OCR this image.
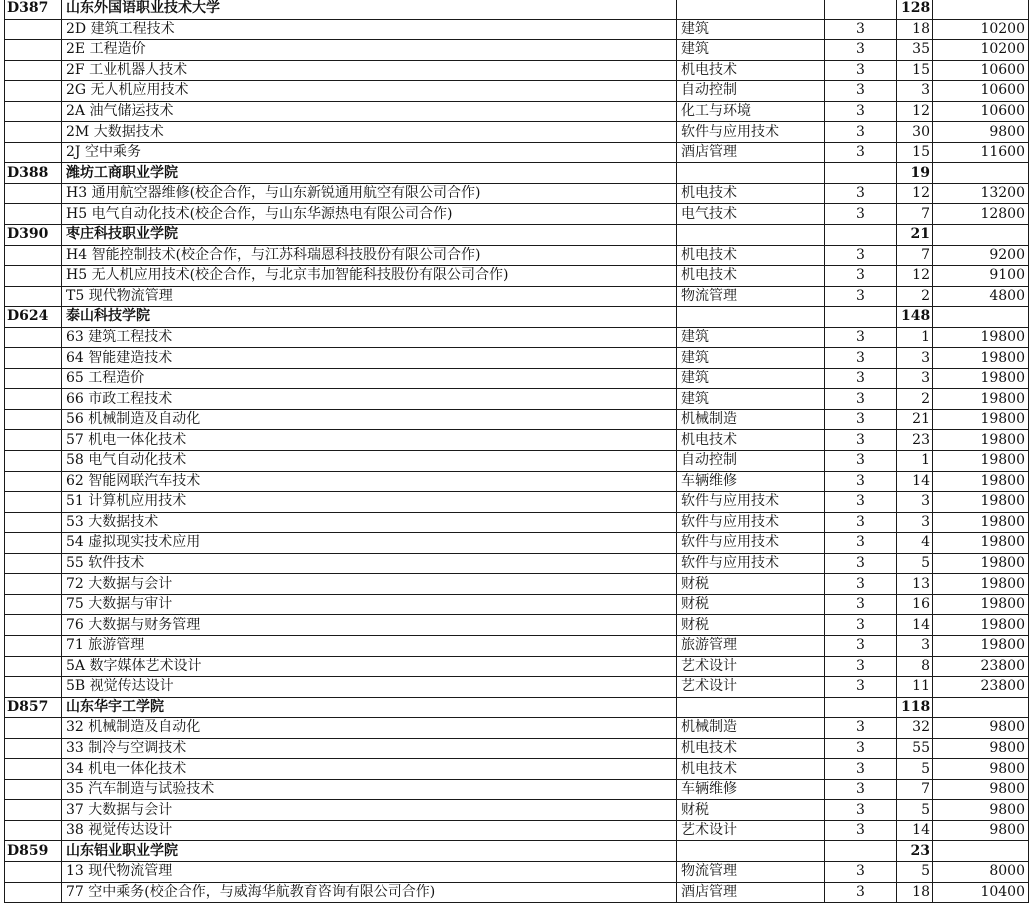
D387	山东外国语职业技术大学			128	
	2D 建筑工程技术	建筑	3	18	10200
	2E 工程造价	建筑	3	35	10200
	2F 工业机器人技术	机电技术	3	15	10600
	2G 无人机应用技术	自动控制	3	3	10600
	2A 油气储运技术	化工与环境	3	12	10600
	2M 大数据技术	软件与应用技术	3	30	9800
	2J 空中乘务	酒店管理	3	15	11600
D388	潍坊工商职业学院			19	
	H3 通用航空器维修(校企合作，与山东新锐通用航空有限公司合作)	机电技术	3	12	13200
	H5 电气自动化技术(校企合作，与山东华源热电有限公司合作)	电气技术	3	7	12800
D390	枣庄科技职业学院			21	
	H4 智能控制技术(校企合作，与江苏科瑞恩科技股份有限公司合作)	机电技术	3	7	9200
	H5 无人机应用技术(校企合作，与北京韦加智能科技股份有限公司合作)	机电技术	3	12	9100
	T5 现代物流管理	物流管理	3	2	4800
D624	泰山科技学院			148	
	63 建筑工程技术	建筑	3	1	19800
	64 智能建造技术	建筑	3	3	19800
	65 工程造价	建筑	3	3	19800
	66 市政工程技术	建筑	3	2	19800
	56 机械制造及自动化	机械制造	3	21	19800
	57 机电一体化技术	机电技术	3	23	19800
	58 电气自动化技术	自动控制	3	1	19800
	62 智能网联汽车技术	车辆维修	3	14	19800
	51 计算机应用技术	软件与应用技术	3	3	19800
	53 大数据技术	软件与应用技术	3	3	19800
	54 虚拟现实技术应用	软件与应用技术	3	4	19800
	55 软件技术	软件与应用技术	3	5	19800
	72 大数据与会计	财税	3	13	19800
	75 大数据与审计	财税	3	16	19800
	76 大数据与财务管理	财税	3	14	19800
	71 旅游管理	旅游管理	3	3	19800
	5A 数字媒体艺术设计	艺术设计	3	8	23800
	5B 视觉传达设计	艺术设计	3	11	23800
D857	山东华宇工学院			118	
	32 机械制造及自动化	机械制造	3	32	9800
	33 制冷与空调技术	机电技术	3	55	9800
	34 机电一体化技术	机电技术	3	5	9800
	35 汽车制造与试验技术	车辆维修	3	7	9800
	37 大数据与会计	财税	3	5	9800
	38 视觉传达设计	艺术设计	3	14	9800
D859	山东铝业职业学院			23	
	13 现代物流管理	物流管理	3	5	8000
	77 空中乘务(校企合作，与威海华航教育咨询有限公司合作)	酒店管理	3	18	10400
